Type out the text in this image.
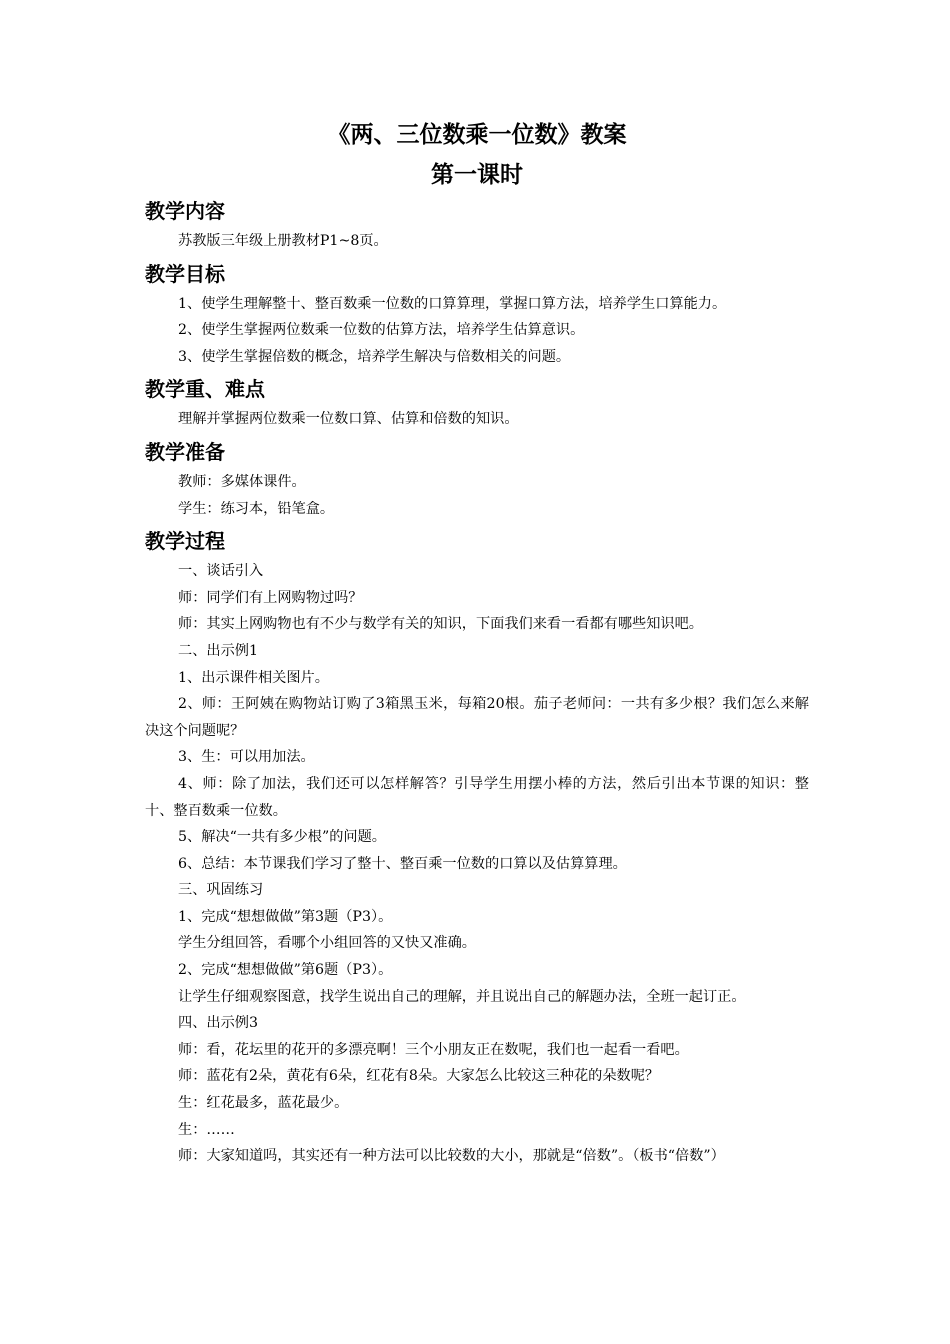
《两、三位数乘一位数》教案
第一课时
教学内容

苏教版三年级上册教材P1~8页。

教学目标

1、使学生理解整十、整百数乘一位数的口算算理，掌握口算方法，培养学生口算能力。

2、使学生掌握两位数乘一位数的估算方法，培养学生估算意识。

3、使学生掌握倍数的概念，培养学生解决与倍数相关的问题。

教学重、难点

理解并掌握两位数乘一位数口算、估算和倍数的知识。

教学准备

教师：多媒体课件。

学生：练习本，铅笔盒。

教学过程

一、谈话引入

师：同学们有上网购物过吗？

师：其实上网购物也有不少与数学有关的知识，下面我们来看一看都有哪些知识吧。

二、出示例1

1、出示课件相关图片。

2、师：王阿姨在购物站订购了3箱黑玉米，每箱20根。茄子老师问：一共有多少根？我们怎么来解决这个问题呢？

3、生：可以用加法。

4、师：除了加法，我们还可以怎样解答？引导学生用摆小棒的方法，然后引出本节课的知识：整十、整百数乘一位数。

5、解决“一共有多少根”的问题。

6、总结：本节课我们学习了整十、整百乘一位数的口算以及估算算理。

三、巩固练习

1、完成“想想做做”第3题（P3）。

学生分组回答，看哪个小组回答的又快又准确。

2、完成“想想做做”第6题（P3）。

让学生仔细观察图意，找学生说出自己的理解，并且说出自己的解题办法，全班一起订正。

四、出示例3

师：看，花坛里的花开的多漂亮啊！三个小朋友正在数呢，我们也一起看一看吧。

师：蓝花有2朵，黄花有6朵，红花有8朵。大家怎么比较这三种花的朵数呢？

生：红花最多，蓝花最少。

生：……

师：大家知道吗，其实还有一种方法可以比较数的大小，那就是“倍数”。（板书“倍数”）
